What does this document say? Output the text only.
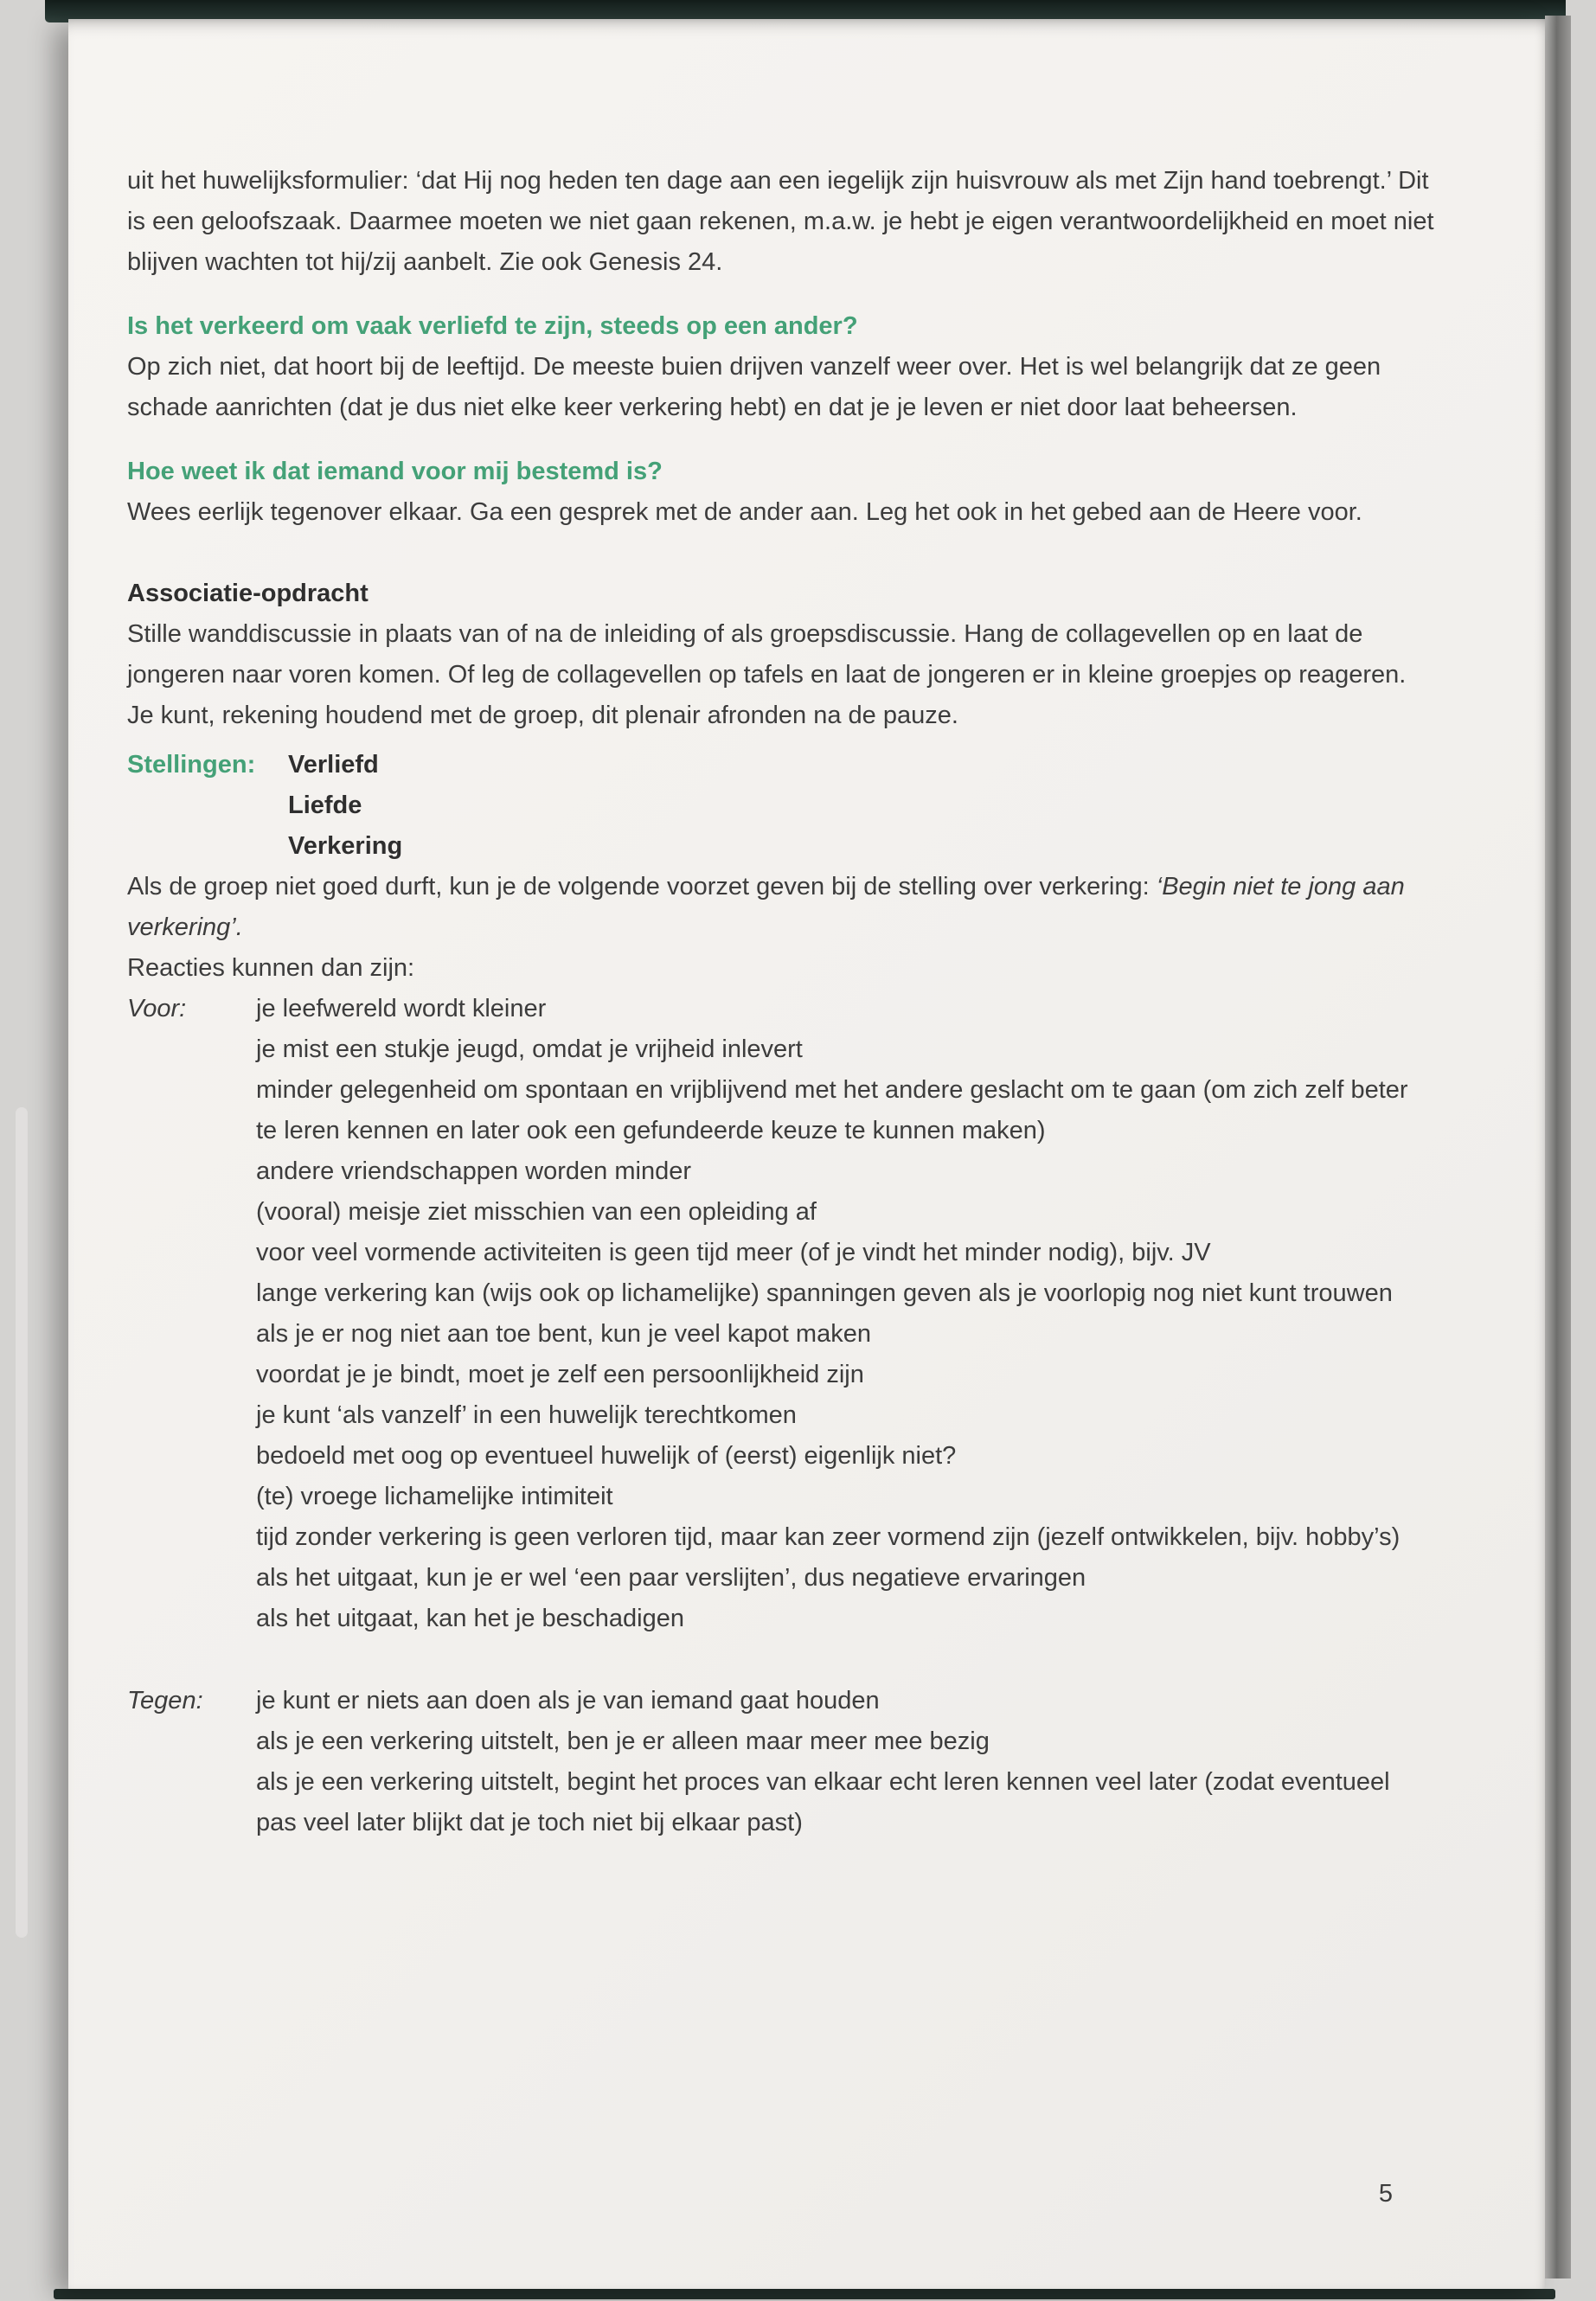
uit het huwelijksformulier: ‘dat Hij nog heden ten dage aan een iegelijk zijn huisvrouw als met Zijn hand toebrengt.’ Dit is een geloofszaak. Daarmee moeten we niet gaan rekenen, m.a.w. je hebt je eigen verantwoordelijkheid en moet niet blijven wachten tot hij/zij aanbelt. Zie ook Genesis 24.

Is het verkeerd om vaak verliefd te zijn, steeds op een ander?

Op zich niet, dat hoort bij de leeftijd. De meeste buien drijven vanzelf weer over. Het is wel belangrijk dat ze geen schade aanrichten (dat je dus niet elke keer verkering hebt) en dat je je leven er niet door laat beheersen.

Hoe weet ik dat iemand voor mij bestemd is?

Wees eerlijk tegenover elkaar. Ga een gesprek met de ander aan. Leg het ook in het gebed aan de Heere voor.

Associatie-opdracht

Stille wanddiscussie in plaats van of na de inleiding of als groepsdiscussie. Hang de collagevellen op en laat de jongeren naar voren komen. Of leg de collagevellen op tafels en laat de jongeren er in kleine groepjes op reageren. Je kunt, rekening houdend met de groep, dit plenair afronden na de pauze.

Stellingen:	Verliefd
Liefde
Verkering

Als de groep niet goed durft, kun je de volgende voorzet geven bij de stelling over verkering: ‘Begin niet te jong aan verkering’.

Reacties kunnen dan zijn:

Voor:	je leefwereld wordt kleiner
je mist een stukje jeugd, omdat je vrijheid inlevert
minder gelegenheid om spontaan en vrijblijvend met het andere geslacht om te gaan (om zich zelf beter te leren kennen en later ook een gefundeerde keuze te kunnen maken)
andere vriendschappen worden minder
(vooral) meisje ziet misschien van een opleiding af
voor veel vormende activiteiten is geen tijd meer (of je vindt het minder nodig), bijv. JV
lange verkering kan (wijs ook op lichamelijke) spanningen geven als je voorlopig nog niet kunt trouwen
als je er nog niet aan toe bent, kun je veel kapot maken
voordat je je bindt, moet je zelf een persoonlijkheid zijn
je kunt ‘als vanzelf’ in een huwelijk terechtkomen
bedoeld met oog op eventueel huwelijk of (eerst) eigenlijk niet?
(te) vroege lichamelijke intimiteit
tijd zonder verkering is geen verloren tijd, maar kan zeer vormend zijn (jezelf ontwikkelen, bijv. hobby’s)
als het uitgaat, kun je er wel ‘een paar verslijten’, dus negatieve ervaringen
als het uitgaat, kan het je beschadigen
Tegen:	je kunt er niets aan doen als je van iemand gaat houden
als je een verkering uitstelt, ben je er alleen maar meer mee bezig
als je een verkering uitstelt, begint het proces van elkaar echt leren kennen veel later (zodat eventueel pas veel later blijkt dat je toch niet bij elkaar past)
5
